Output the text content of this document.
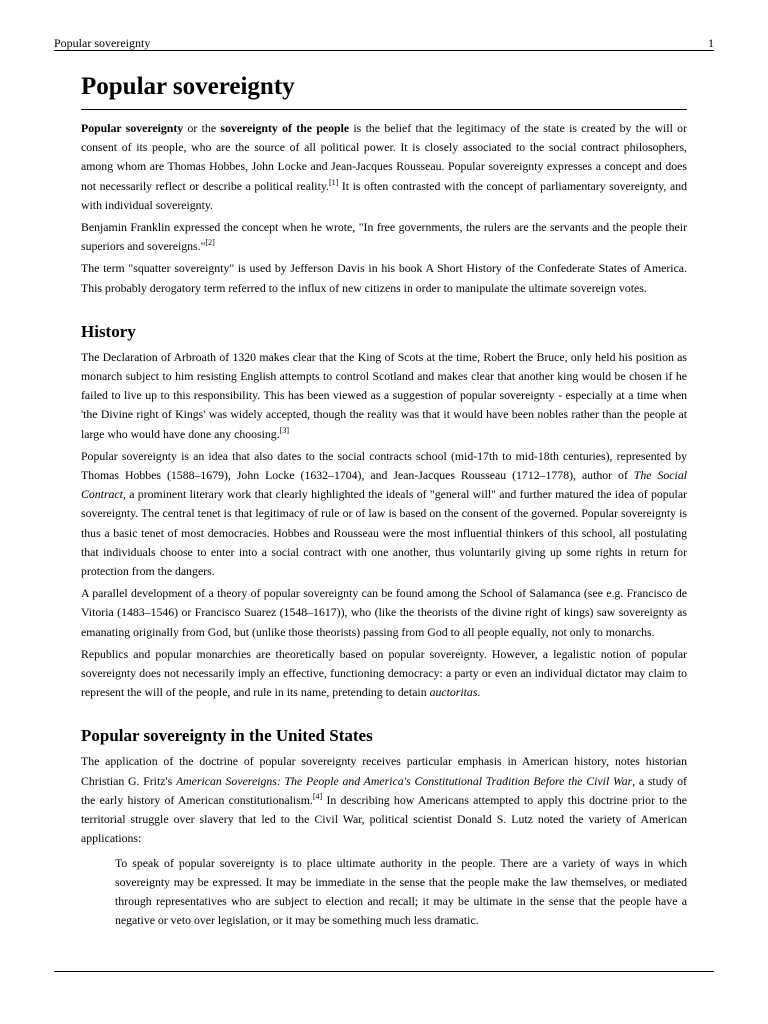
Popular sovereignty	1
Popular sovereignty

Popular sovereignty or the sovereignty of the people is the belief that the legitimacy of the state is created by the will or consent of its people, who are the source of all political power. It is closely associated to the social contract philosophers, among whom are Thomas Hobbes, John Locke and Jean-Jacques Rousseau. Popular sovereignty expresses a concept and does not necessarily reflect or describe a political reality.[1] It is often contrasted with the concept of parliamentary sovereignty, and with individual sovereignty.

Benjamin Franklin expressed the concept when he wrote, "In free governments, the rulers are the servants and the people their superiors and sovereigns."[2]

The term "squatter sovereignty" is used by Jefferson Davis in his book A Short History of the Confederate States of America. This probably derogatory term referred to the influx of new citizens in order to manipulate the ultimate sovereign votes.

History

The Declaration of Arbroath of 1320 makes clear that the King of Scots at the time, Robert the Bruce, only held his position as monarch subject to him resisting English attempts to control Scotland and makes clear that another king would be chosen if he failed to live up to this responsibility. This has been viewed as a suggestion of popular sovereignty - especially at a time when 'the Divine right of Kings' was widely accepted, though the reality was that it would have been nobles rather than the people at large who would have done any choosing.[3]

Popular sovereignty is an idea that also dates to the social contracts school (mid-17th to mid-18th centuries), represented by Thomas Hobbes (1588–1679), John Locke (1632–1704), and Jean-Jacques Rousseau (1712–1778), author of The Social Contract, a prominent literary work that clearly highlighted the ideals of "general will" and further matured the idea of popular sovereignty. The central tenet is that legitimacy of rule or of law is based on the consent of the governed. Popular sovereignty is thus a basic tenet of most democracies. Hobbes and Rousseau were the most influential thinkers of this school, all postulating that individuals choose to enter into a social contract with one another, thus voluntarily giving up some rights in return for protection from the dangers.

A parallel development of a theory of popular sovereignty can be found among the School of Salamanca (see e.g. Francisco de Vitoria (1483–1546) or Francisco Suarez (1548–1617)), who (like the theorists of the divine right of kings) saw sovereignty as emanating originally from God, but (unlike those theorists) passing from God to all people equally, not only to monarchs.

Republics and popular monarchies are theoretically based on popular sovereignty. However, a legalistic notion of popular sovereignty does not necessarily imply an effective, functioning democracy: a party or even an individual dictator may claim to represent the will of the people, and rule in its name, pretending to detain auctoritas.

Popular sovereignty in the United States

The application of the doctrine of popular sovereignty receives particular emphasis in American history, notes historian Christian G. Fritz's American Sovereigns: The People and America's Constitutional Tradition Before the Civil War, a study of the early history of American constitutionalism.[4] In describing how Americans attempted to apply this doctrine prior to the territorial struggle over slavery that led to the Civil War, political scientist Donald S. Lutz noted the variety of American applications:

To speak of popular sovereignty is to place ultimate authority in the people. There are a variety of ways in which sovereignty may be expressed. It may be immediate in the sense that the people make the law themselves, or mediated through representatives who are subject to election and recall; it may be ultimate in the sense that the people have a negative or veto over legislation, or it may be something much less dramatic.
